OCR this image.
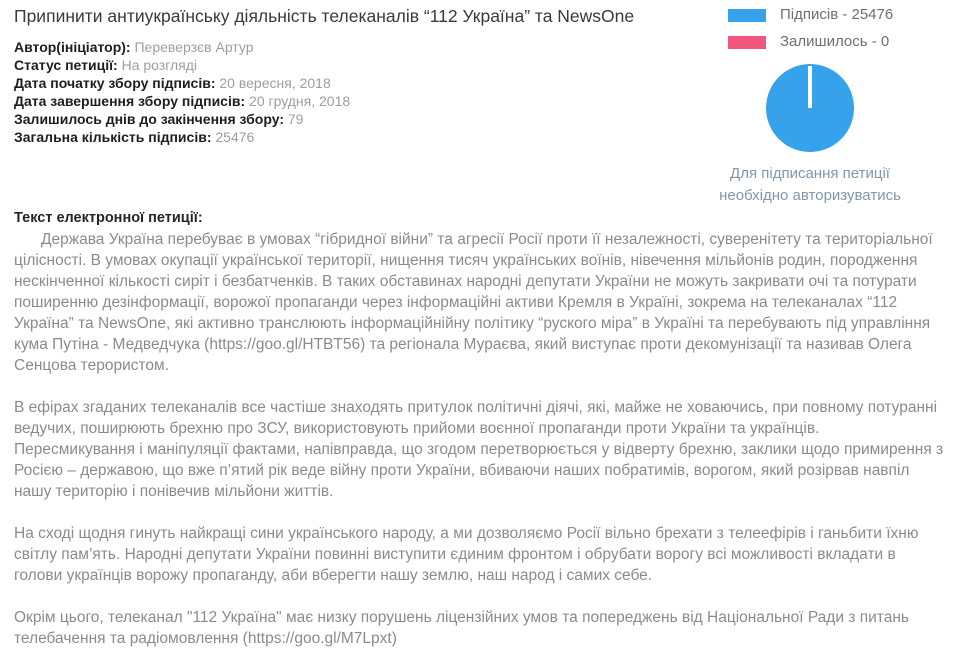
Припинити антиукраїнську діяльність телеканалів “112 Україна” та NewsOne
Автор(ініціатор): Переверзєв Артур
Статус петиції: На розгляді
Дата початку збору підписів: 20 вересня, 2018
Дата завершення збору підписів: 20 грудня, 2018
Залишилось днів до закінчення збору: 79
Загальна кількість підписів: 25476
Текст електронної петиції:

Держава Україна перебуває в умовах “гібридної війни” та агресії Росії проти її незалежності, суверенітету та територіальної цілісності. В умовах окупації української території, нищення тисяч українських воїнів, нівечення мільйонів родин, породження нескінченної кількості сиріт і безбатченків. В таких обставинах народні депутати України не можуть закривати очі та потурати поширенню дезінформації, ворожої пропаганди через інформаційні активи Кремля в Україні, зокрема на телеканалах “112 Україна” та NewsOne, які активно транслюють інформаційнійну політику “руского міра” в Україні та перебувають під управління кума Путіна - Медведчука (https://goo.gl/HTBT56) та регіонала Мураєва, який виступає проти декомунізації та називав Олега Сенцова терористом.

В ефірах згаданих телеканалів все частіше знаходять притулок політичні діячі, які, майже не ховаючись, при повному потуранні ведучих, поширюють брехню про ЗСУ, використовують прийоми воєнної пропаганди проти України та українців. Пересмикування і маніпуляції фактами, напівправда, що згодом перетворюється у відверту брехню, заклики щодо примирення з Росією – державою, що вже п’ятий рік веде війну проти України, вбиваючи наших побратимів, ворогом, який розірвав навпіл нашу територію і понівечив мільйони життів.

На сході щодня гинуть найкращі сини українського народу, а ми дозволяємо Росії вільно брехати з телеефірів і ганьбити їхню світлу пам’ять. Народні депутати України повинні виступити єдиним фронтом і обрубати ворогу всі можливості вкладати в голови українців ворожу пропаганду, аби вберегти нашу землю, наш народ і самих себе.

Окрім цього, телеканал "112 Україна" має низку порушень ліцензійних умов та попереджень від Національної Ради з питань телебачення та радіомовлення (https://goo.gl/M7Lpxt)

Підписів - 25476
Залишилось - 0
Для підписання петиції необхідно авторизуватись
